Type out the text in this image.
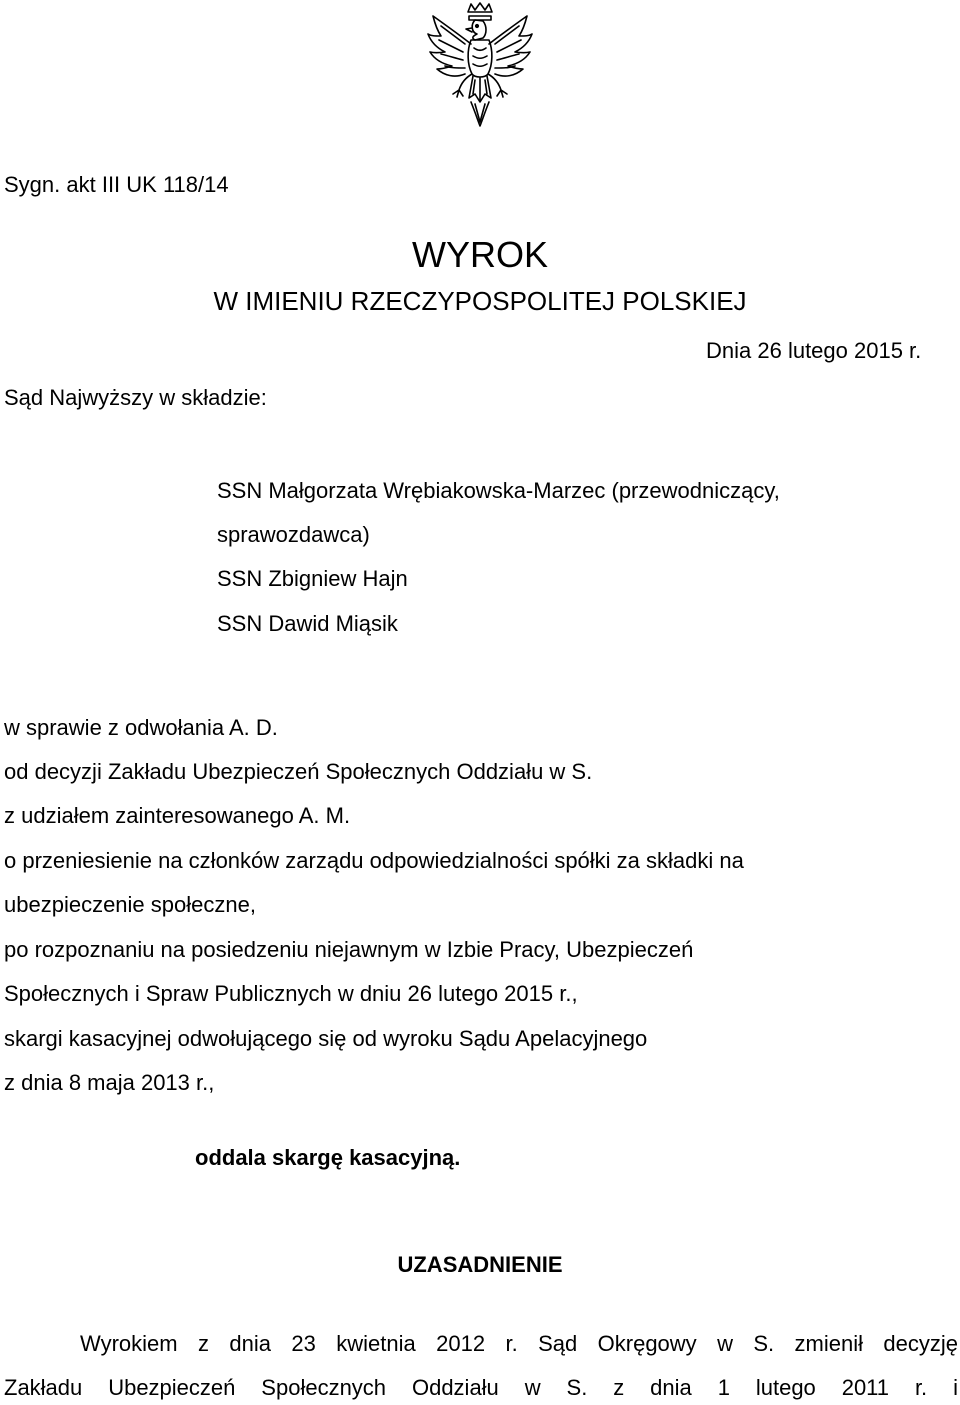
Sygn. akt III UK 118/14
WYROK
W IMIENIU RZECZYPOSPOLITEJ POLSKIEJ
Dnia 26 lutego 2015 r.
Sąd Najwyższy w składzie:
SSN Małgorzata Wrębiakowska-Marzec (przewodniczący,
sprawozdawca)
SSN Zbigniew Hajn
SSN Dawid Miąsik
w sprawie z odwołania A. D.
od decyzji Zakładu Ubezpieczeń Społecznych Oddziału w S.
z udziałem zainteresowanego A. M.
o przeniesienie na członków zarządu odpowiedzialności spółki za składki na
ubezpieczenie społeczne,
po rozpoznaniu na posiedzeniu niejawnym w Izbie Pracy, Ubezpieczeń
Społecznych i Spraw Publicznych w dniu 26 lutego 2015 r.,
skargi kasacyjnej odwołującego się od wyroku Sądu Apelacyjnego
z dnia 8 maja 2013 r.,
oddala skargę kasacyjną.
UZASADNIENIE
Wyrokiem z dnia 23 kwietnia 2012 r. Sąd Okręgowy w S. zmienił decyzję
Zakładu Ubezpieczeń Społecznych Oddziału w S. z dnia 1 lutego 2011 r. i
